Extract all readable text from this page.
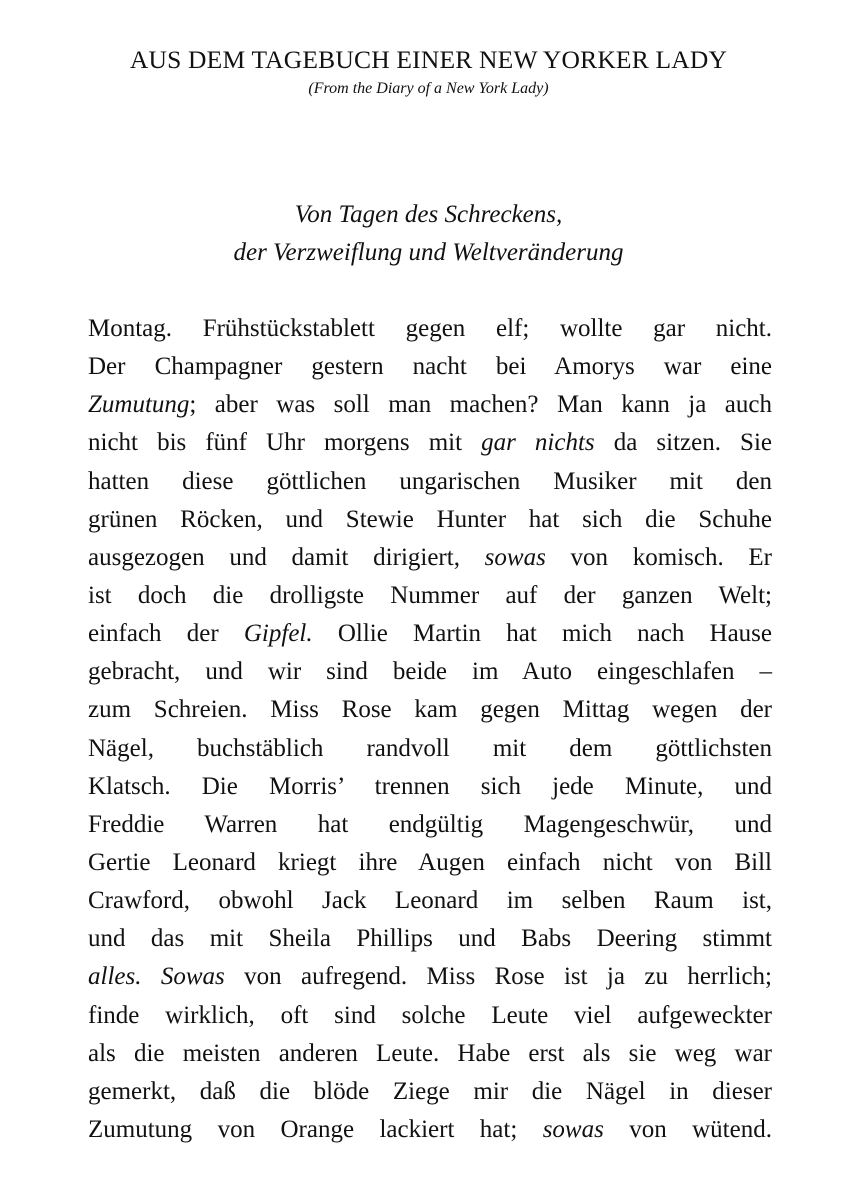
AUS DEM TAGEBUCH EINER NEW YORKER LADY
(From the Diary of a New York Lady)
Von Tagen des Schreckens,
der Verzweiflung und Weltveränderung
Montag. Frühstückstablett gegen elf; wollte gar nicht.
Der Champagner gestern nacht bei Amorys war eine
Zumutung; aber was soll man machen? Man kann ja auch
nicht bis fünf Uhr morgens mit gar nichts da sitzen. Sie
hatten diese göttlichen ungarischen Musiker mit den
grünen Röcken, und Stewie Hunter hat sich die Schuhe
ausgezogen und damit dirigiert, sowas von komisch. Er
ist doch die drolligste Nummer auf der ganzen Welt;
einfach der Gipfel. Ollie Martin hat mich nach Hause
gebracht, und wir sind beide im Auto eingeschlafen –
zum Schreien. Miss Rose kam gegen Mittag wegen der
Nägel, buchstäblich randvoll mit dem göttlichsten
Klatsch. Die Morris’ trennen sich jede Minute, und
Freddie Warren hat endgültig Magengeschwür, und
Gertie Leonard kriegt ihre Augen einfach nicht von Bill
Crawford, obwohl Jack Leonard im selben Raum ist,
und das mit Sheila Phillips und Babs Deering stimmt
alles. Sowas von aufregend. Miss Rose ist ja zu herrlich;
finde wirklich, oft sind solche Leute viel aufgeweckter
als die meisten anderen Leute. Habe erst als sie weg war
gemerkt, daß die blöde Ziege mir die Nägel in dieser
Zumutung von Orange lackiert hat; sowas von wütend.
